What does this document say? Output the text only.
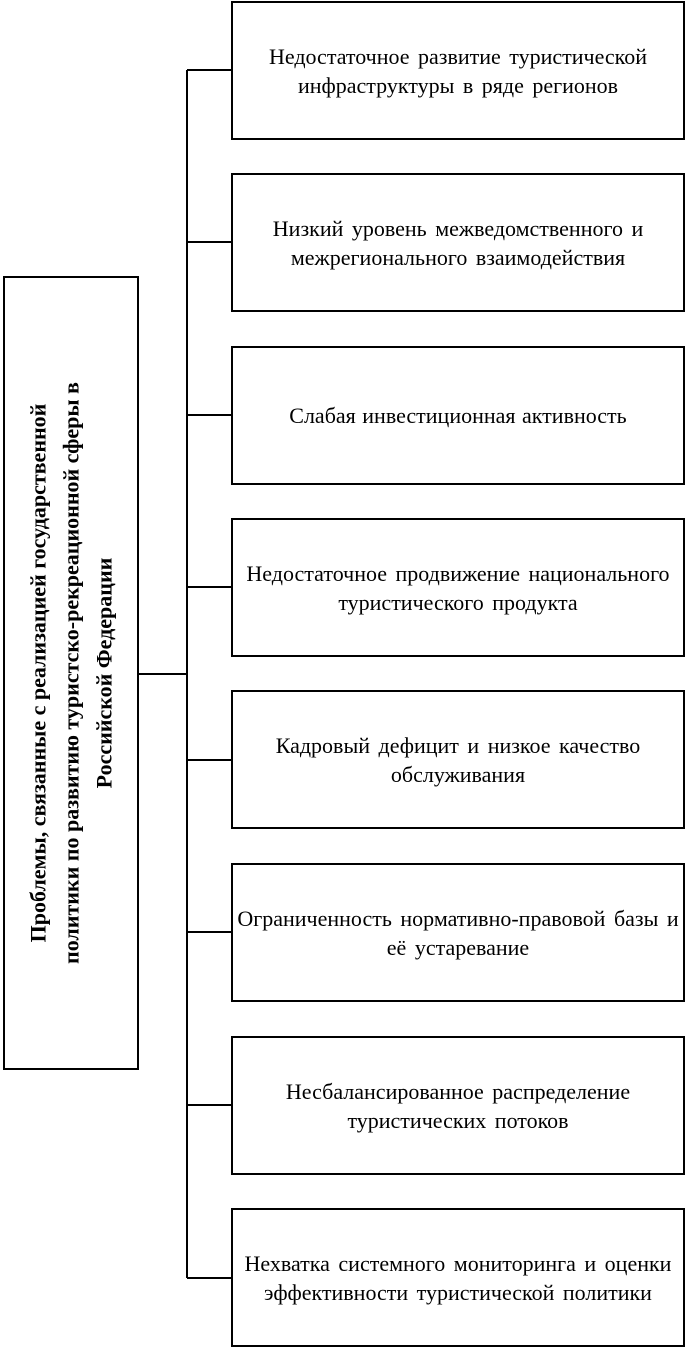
Проблемы, связанные с реализацией государственной политики по развитию туристско-рекреационной сферы в Российской Федерации
Недостаточное развитие туристической инфраструктуры в ряде регионов
Низкий уровень межведомственного и межрегионального взаимодействия
Слабая инвестиционная активность
Недостаточное продвижение национального туристического продукта
Кадровый дефицит и низкое качество обслуживания
Ограниченность нормативно-правовой базы и её устаревание
Несбалансированное распределение туристических потоков
Нехватка системного мониторинга и оценки эффективности туристической политики
